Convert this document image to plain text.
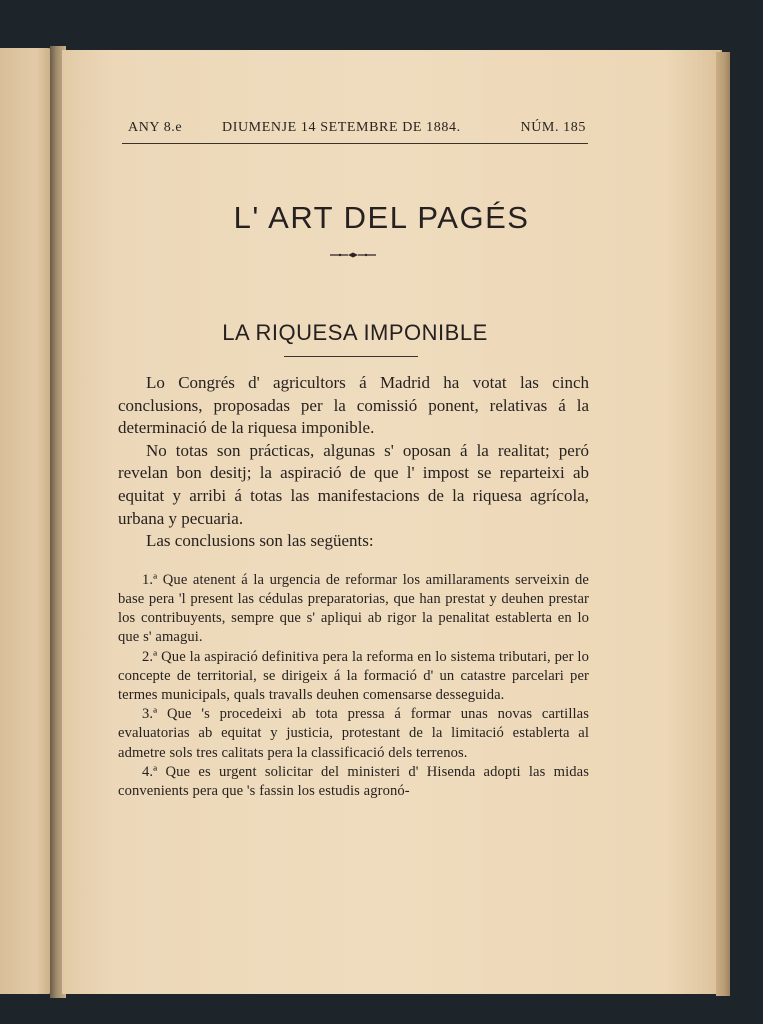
ANY 8.e	DIUMENJE 14 SETEMBRE DE 1884.	NÚM. 185
L' ART DEL PAGÉS
LA RIQUESA IMPONIBLE

Lo Congrés d' agricultors á Madrid ha votat las cinch conclusions, proposadas per la comissió ponent, relativas á la determinació de la riquesa imponible.

No totas son prácticas, algunas s' oposan á la realitat; peró revelan bon desitj; la aspiració de que l' impost se reparteixi ab equitat y arribi á totas las manifestacions de la riquesa agrícola, urbana y pecuaria.

Las conclusions son las següents:

1.ª Que atenent á la urgencia de reformar los amillaraments serveixin de base pera 'l present las cédulas preparatorias, que han prestat y deuhen prestar los contribuyents, sempre que s' apliqui ab rigor la penalitat establerta en lo que s' amagui.

2.ª Que la aspiració definitiva pera la reforma en lo sistema tributari, per lo concepte de territorial, se dirigeix á la formació d' un catastre parcelari per termes municipals, quals travalls deuhen comensarse desseguida.

3.ª Que 's procedeixi ab tota pressa á formar unas novas cartillas evaluatorias ab equitat y justicia, protestant de la limitació establerta al admetre sols tres calitats pera la classificació dels terrenos.

4.ª Que es urgent solicitar del ministeri d' Hisenda adopti las midas convenients pera que 's fassin los estudis agronó-
